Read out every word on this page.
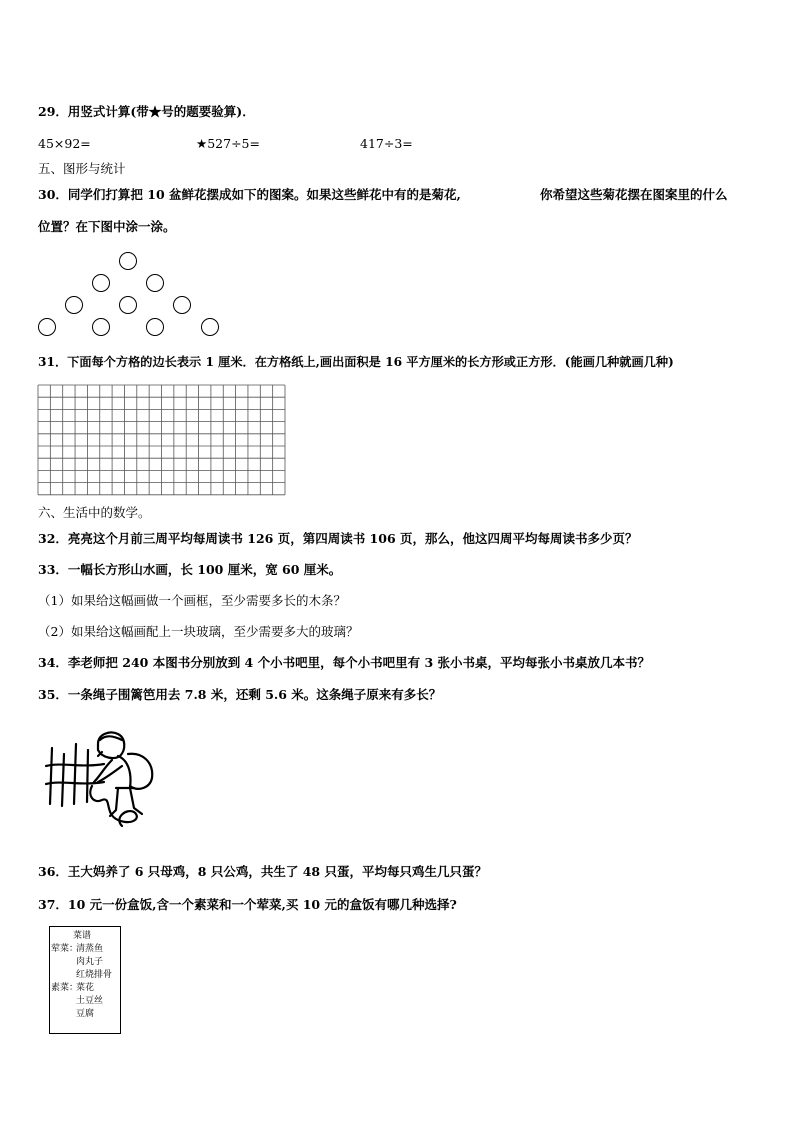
29．用竖式计算(带★号的题要验算)．
45×92=	★527÷5=	417÷3=
五、图形与统计
30．同学们打算把 10 盆鲜花摆成如下的图案。如果这些鲜花中有的是菊花,	你希望这些菊花摆在图案里的什么
位置？在下图中涂一涂。
31．下面每个方格的边长表示 1 厘米．在方格纸上,画出面积是 16 平方厘米的长方形或正方形．(能画几种就画几种)
六、生活中的数学。
32．亮亮这个月前三周平均每周读书 126 页，第四周读书 106 页，那么，他这四周平均每周读书多少页？
33．一幅长方形山水画，长 100 厘米，宽 60 厘米。
（1）如果给这幅画做一个画框，至少需要多长的木条？
（2）如果给这幅画配上一块玻璃，至少需要多大的玻璃？
34．李老师把 240 本图书分别放到 4 个小书吧里，每个小书吧里有 3 张小书桌，平均每张小书桌放几本书？
35．一条绳子围篱笆用去 7.8 米，还剩 5.6 米。这条绳子原来有多长？
36．王大妈养了 6 只母鸡，8 只公鸡，共生了 48 只蛋，平均每只鸡生几只蛋？
37．10 元一份盒饭,含一个素菜和一个荤菜,买 10 元的盒饭有哪几种选择?
菜谱
荤菜：
清蒸鱼
肉丸子
红烧排骨
素菜：
菜花
土豆丝
豆腐
